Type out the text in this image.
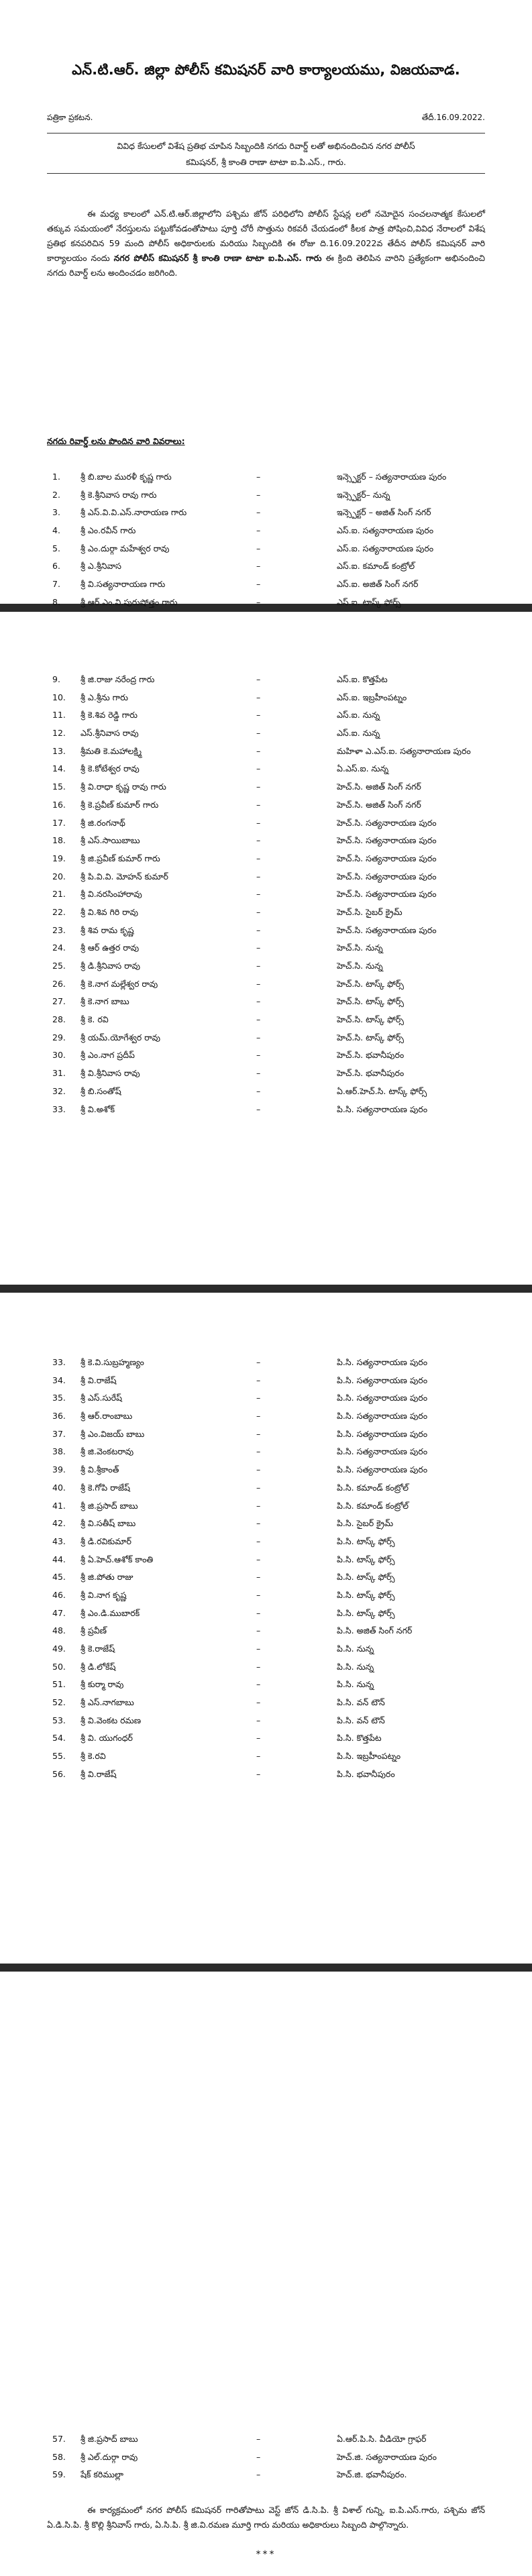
ఎన్.టి.ఆర్. జిల్లా పోలీస్ కమిషనర్ వారి కార్యాలయము, విజయవాడ.
పత్రికా ప్రకటన.	తేదీ.16.09.2022.
వివిధ కేసులలో విశేష ప్రతిభ చూపిన సిబ్బందికి నగదు రివార్డ్ లతో అభినందించిన నగర పోలీస్
కమిషనర్, శ్రీ కాంతి రాణా టాటా ఐ.పి.ఎస్., గారు.
ఈ మధ్య కాలంలో ఎన్.టి.ఆర్.జిల్లాలోని పశ్చిమ జోన్ పరిధిలోని పోలీస్ స్టేషన్ల లలో నమోదైన సంచలనాత్మక కేసులలో తక్కువ సమయంలో నేరస్తులను పట్టుకోవడంతోపాటు పూర్తి చోరీ సొత్తును రికవరీ చేయడంలో కీలక పాత్ర పోషించి,వివిధ నేరాలలో విశేష ప్రతిభ కనపరిచిన 59 మంది పోలీస్ అధికారులకు మరియు సిబ్బందికి ఈ రోజు ది.16.09.2022వ తేదీన పోలీస్ కమిషనర్ వారి కార్యాలయం నందు నగర పోలీస్ కమిషనర్ శ్రీ కాంతి రాణా టాటా ఐ.పి.ఎస్. గారు ఈ క్రింది తెలిపిన వారిని ప్రత్యేకంగా అభినందించి నగదు రివార్డ్ లను అందించడం జరిగింది.
నగదు రివార్డ్ లను పొందిన వారి వివరాలు:
1.	శ్రీ బి.బాల మురళీ కృష్ణ గారు	–	ఇన్స్పెక్టర్ – సత్యనారాయణ పురం
2.	శ్రీ కె.శ్రీనివాస రావు గారు	–	ఇన్స్పెక్టర్– నున్న
3.	శ్రీ ఎస్.వి.వి.ఎస్.నారాయణ గారు	–	ఇన్స్పెక్టర్ – అజిత్ సింగ్ నగర్
4.	శ్రీ ఎం.రవీన్ గారు	–	ఎస్.ఐ. సత్యనారాయణ పురం
5.	శ్రీ ఎం.దుర్గా మహేశ్వర రావు	–	ఎస్.ఐ. సత్యనారాయణ పురం
6.	శ్రీ ఎ.శ్రీనివాస	–	ఎస్.ఐ. కమాండ్ కంట్రోల్
7.	శ్రీ వి.సత్యనారాయణ గారు	–	ఎస్.ఐ. అజిత్ సింగ్ నగర్
8.	శ్రీ ఆర్.ఎం.వి.పురుషోత్తం గారు	–	ఎస్.ఐ. టాస్క్ ఫోర్స్
9.	శ్రీ జి.రాజు నరేంద్ర గారు	–	ఎస్.ఐ. కొత్తపేట
10.	శ్రీ ఎ.శ్రీను గారు	–	ఎస్.ఐ. ఇబ్రహీంపట్నం
11.	శ్రీ కె.శివ రెడ్డి గారు	–	ఎస్.ఐ. నున్న
12.	ఎస్.శ్రీనివాస రావు	–	ఎస్.ఐ. నున్న
13.	శ్రీమతి కె.మహాలక్ష్మి	–	మహిళా ఎ.ఎస్.ఐ. సత్యనారాయణ పురం
14.	శ్రీ కె.కోటేశ్వర రావు	–	ఏ.ఎస్.ఐ. నున్న
15.	శ్రీ వి.రాధా కృష్ణ రావు గారు	–	హెచ్.సి. అజిత్ సింగ్ నగర్
16.	శ్రీ కె.ప్రవీణ్ కుమార్ గారు	–	హెచ్.సి. అజిత్ సింగ్ నగర్
17.	శ్రీ జి.రంగనాథ్	–	హెచ్.సి. సత్యనారాయణ పురం
18.	శ్రీ ఎస్.సాయిబాబు	–	హెచ్.సి. సత్యనారాయణ పురం
19.	శ్రీ జి.ప్రవీణ్ కుమార్ గారు	–	హెచ్.సి. సత్యనారాయణ పురం
20.	శ్రీ పి.వి.వి. మోహన్ కుమార్	–	హెచ్.సి. సత్యనారాయణ పురం
21.	శ్రీ వి.నరసింహారావు	–	హెచ్.సి. సత్యనారాయణ పురం
22.	శ్రీ వి.శివ గిరి రావు	–	హెచ్.సి. సైబర్ క్రైమ్
23.	శ్రీ శివ రామ కృష్ణ	–	హెచ్.సి. సత్యనారాయణ పురం
24.	శ్రీ ఆర్ ఉత్తర రావు	–	హెచ్.సి. నున్న
25.	శ్రీ డి.శ్రీనివాస రావు	–	హెచ్.సి. నున్న
26.	శ్రీ కె.నాగ మల్లేశ్వర రావు	–	హెచ్.సి. టాస్క్ ఫోర్స్
27.	శ్రీ కె.నాగ బాబు	–	హెచ్.సి. టాస్క్ ఫోర్స్
28.	శ్రీ కె. రవి	–	హెచ్.సి. టాస్క్ ఫోర్స్
29.	శ్రీ యమ్.యోగేశ్వర రావు	–	హెచ్.సి. టాస్క్ ఫోర్స్
30.	శ్రీ ఎం.నాగ ప్రదీప్	–	హెచ్.సి. భవానీపురం
31.	శ్రీ వి.శ్రీనివాస రావు	–	హెచ్.సి. భవానీపురం
32.	శ్రీ బి.సంతోష్	–	ఏ.ఆర్.హెచ్.సి. టాస్క్ ఫోర్స్
33.	శ్రీ వి.అశోక్	–	పి.సి. సత్యనారాయణ పురం
33.	శ్రీ కె.వి.సుబ్రహ్మణ్యం	–	పి.సి. సత్యనారాయణ పురం
34.	శ్రీ వి.రాజేష్	–	పి.సి. సత్యనారాయణ పురం
35.	శ్రీ ఎస్.సురేష్	–	పి.సి. సత్యనారాయణ పురం
36.	శ్రీ ఆర్.రాంబాబు	–	పి.సి. సత్యనారాయణ పురం
37.	శ్రీ ఎం.విజయ్ బాబు	–	పి.సి. సత్యనారాయణ పురం
38.	శ్రీ జి.వెంకటరావు	–	పి.సి. సత్యనారాయణ పురం
39.	శ్రీ వి.శ్రీకాంత్	–	పి.సి. సత్యనారాయణ పురం
40.	శ్రీ కె.గోపి రాజేష్	–	పి.సి. కమాండ్ కంట్రోల్
41.	శ్రీ జి.ప్రసాద్ బాబు	–	పి.సి. కమాండ్ కంట్రోల్
42.	శ్రీ వి.సతీష్ బాబు	–	పి.సి. సైబర్ క్రైమ్
43.	శ్రీ డి.రవికుమార్	–	పి.సి. టాస్క్ ఫోర్స్
44.	శ్రీ ఏ.హెచ్.ఆశోక్ కాంతి	–	పి.సి. టాస్క్ ఫోర్స్
45.	శ్రీ జి.పోతు రాజు	–	పి.సి. టాస్క్ ఫోర్స్
46.	శ్రీ వి.నాగ కృష్ణ	–	పి.సి. టాస్క్ ఫోర్స్
47.	శ్రీ ఎం.డి.ముబారక్	–	పి.సి. టాస్క్ ఫోర్స్
48.	శ్రీ ప్రవీణ్	–	పి.సి. అజిత్ సింగ్ నగర్
49.	శ్రీ కె.రాజేష్	–	పి.సి. నున్న
50.	శ్రీ డి.లోకేష్	–	పి.సి. నున్న
51.	శ్రీ కుర్మా రావు	–	పి.సి. నున్న
52.	శ్రీ ఎస్.నాగబాబు	–	పి.సి. వన్ టౌన్
53.	శ్రీ వి.వెంకట రమణ	–	పి.సి. వన్ టౌన్
54.	శ్రీ వి. యుగంధర్	–	పి.సి. కొత్తపేట
55.	శ్రీ కె.రవి	–	పి.సి. ఇబ్రహీంపట్నం
56.	శ్రీ వి.రాజేష్	–	పి.సి. భవానీపురం
57.	శ్రీ జి.ప్రసాద్ బాబు	–	ఏ.ఆర్.పి.సి. వీడియో గ్రాఫర్
58.	శ్రీ ఎల్.దుర్గా రావు	–	హెచ్.జి. సత్యనారాయణ పురం
59.	షేక్ కరిముల్లా	–	హెచ్.జి. భవానీపురం.
ఈ కార్యక్రమంలో నగర పోలీస్ కమిషనర్ గారితోపాటు వెస్ట్ జోన్ డి.సి.పి. శ్రీ విశాల్ గున్ని, ఐ.పి.ఎస్.గారు, పశ్చిమ జోన్ ఏ.డి.సి.పి. శ్రీ కొల్లి శ్రీనివాస్ గారు, ఏ.సి.పి. శ్రీ జి.వి.రమణ మూర్తి గారు మరియు అధికారులు సిబ్బంది పాల్గొన్నారు.
***
